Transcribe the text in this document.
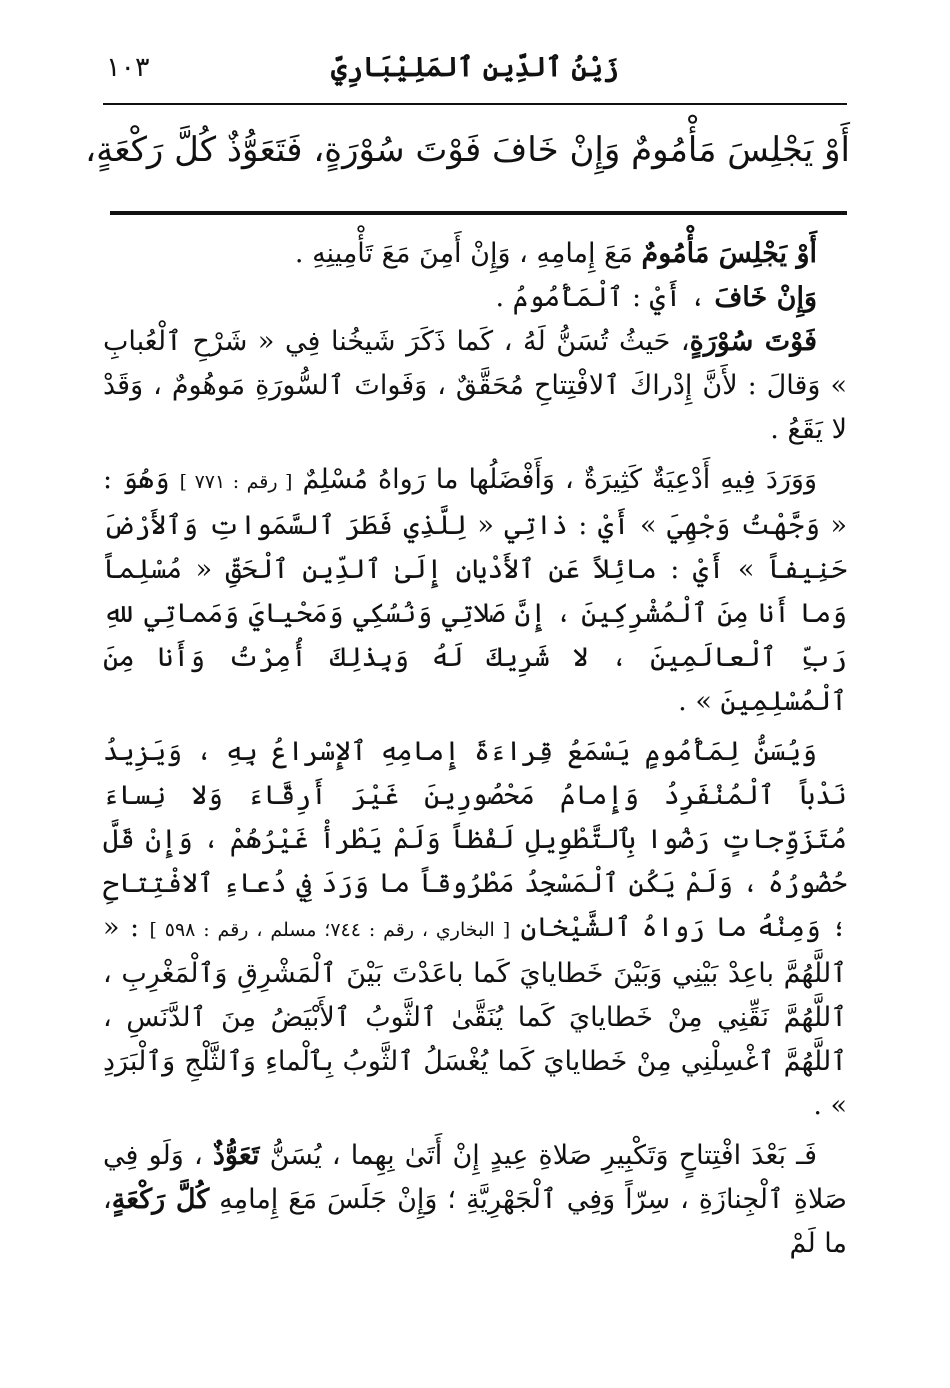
زَيْنُ ٱلدِّينِ ٱلمَلِيْبَارِيّ
١٠٣
أَوْ يَجْلِسَ مَأْمُومٌ وَإِنْ خَافَ فَوْتَ سُوْرَةٍ، فَتَعَوُّذٌ كُلَّ رَكْعَةٍ،

أَوْ يَجْلِسَ مَأْمُومٌ مَعَ إِمامِهِ ، وَإِنْ أَمِنَ مَعَ تَأْمِينِهِ .

وَإِنْ خَافَ ، أَيْ : ٱلْمَأْمُومُ .

فَوْتَ سُوْرَةٍ، حَيثُ تُسَنُّ لَهُ ، كَما ذَكَرَ شَيخُنا فِي « شَرْحِ ٱلْعُبابِ » وَقالَ : لأَنَّ إِدْراكَ ٱلافْتِتاحِ مُحَقَّقٌ ، وَفَواتَ ٱلسُّورَةِ مَوهُومٌ ، وَقَدْ لا يَقَعُ .

وَوَرَدَ فِيهِ أَدْعِيَةٌ كَثِيرَةٌ ، وَأَفْضَلُها ما رَواهُ مُسْلِمٌ [ رقم : ٧٧١ ] وَهُوَ : « وَجَّهْتُ وَجْهِيَ » أَيْ : ذاتِي « لِلَّذِي فَطَرَ ٱلسَّمَواتِ وَٱلأَرْضَ حَنِيفاً » أَيْ : مائِلاً عَنِ ٱلأَدْيانِ إِلَىٰ ٱلدِّينِ ٱلْحَقِّ « مُسْلِماً وَما أَنا مِنَ ٱلْمُشْرِكِينَ ، إِنَّ صَلاتِي وَنُسُكِي وَمَحْيايَ وَمَماتِي للهِ رَبِّ ٱلْعالَمِينَ ، لا شَرِيكَ لَهُ وَبِذٰلِكَ أُمِرْتُ وَأَنا مِنَ ٱلْمُسْلِمِينَ » .

وَيُسَنُّ لِمَأْمُومٍ يَسْمَعُ قِراءَةَ إِمامِهِ ٱلإِسْراعُ بِهِ ، وَيَزِيدُ نَدْباً ٱلْمُنْفَرِدُ وَإِمامُ مَحْصُورِينَ غَيْرَ أَرِقَّاءَ وَلا نِساءَ مُتَزَوِّجاتٍ رَضُوا بِٱلتَّطْوِيلِ لَفْظاً وَلَمْ يَطْرأْ غَيْرُهُمْ ، وَإِنْ قَلَّ حُضُورُهُ ، وَلَمْ يَكُنِ ٱلْمَسْجِدُ مَطْرُوقاً ما وَرَدَ فِي دُعاءِ ٱلافْتِتاحِ ؛ وَمِنْهُ ما رَواهُ ٱلشَّيْخانِ [ البخاري ، رقم : ٧٤٤؛ مسلم ، رقم : ٥٩٨ ] : « ٱللَّهُمَّ باعِدْ بَيْنِي وَبَيْنَ خَطايايَ كَما باعَدْتَ بَيْنَ ٱلْمَشْرِقِ وَٱلْمَغْرِبِ ، ٱللَّهُمَّ نَقِّنِي مِنْ خَطايايَ كَما يُنَقَّىٰ ٱلثَّوبُ ٱلأَبْيَضُ مِنَ ٱلدَّنَسِ ، ٱللَّهُمَّ ٱغْسِلْنِي مِنْ خَطايايَ كَما يُغْسَلُ ٱلثَّوبُ بِٱلْماءِ وَٱلثَّلْجِ وَٱلْبَرَدِ » .

فَـ بَعْدَ افْتِتاحٍ وَتَكْبِيرِ صَلاةِ عِيدٍ إِنْ أَتَىٰ بِهِما ، يُسَنُّ تَعَوُّذٌ ، وَلَو فِي صَلاةِ ٱلْجِنازَةِ ، سِرّاً وَفِي ٱلْجَهْرِيَّةِ ؛ وَإِنْ جَلَسَ مَعَ إِمامِهِ كُلَّ رَكْعَةٍ، ما لَمْ
